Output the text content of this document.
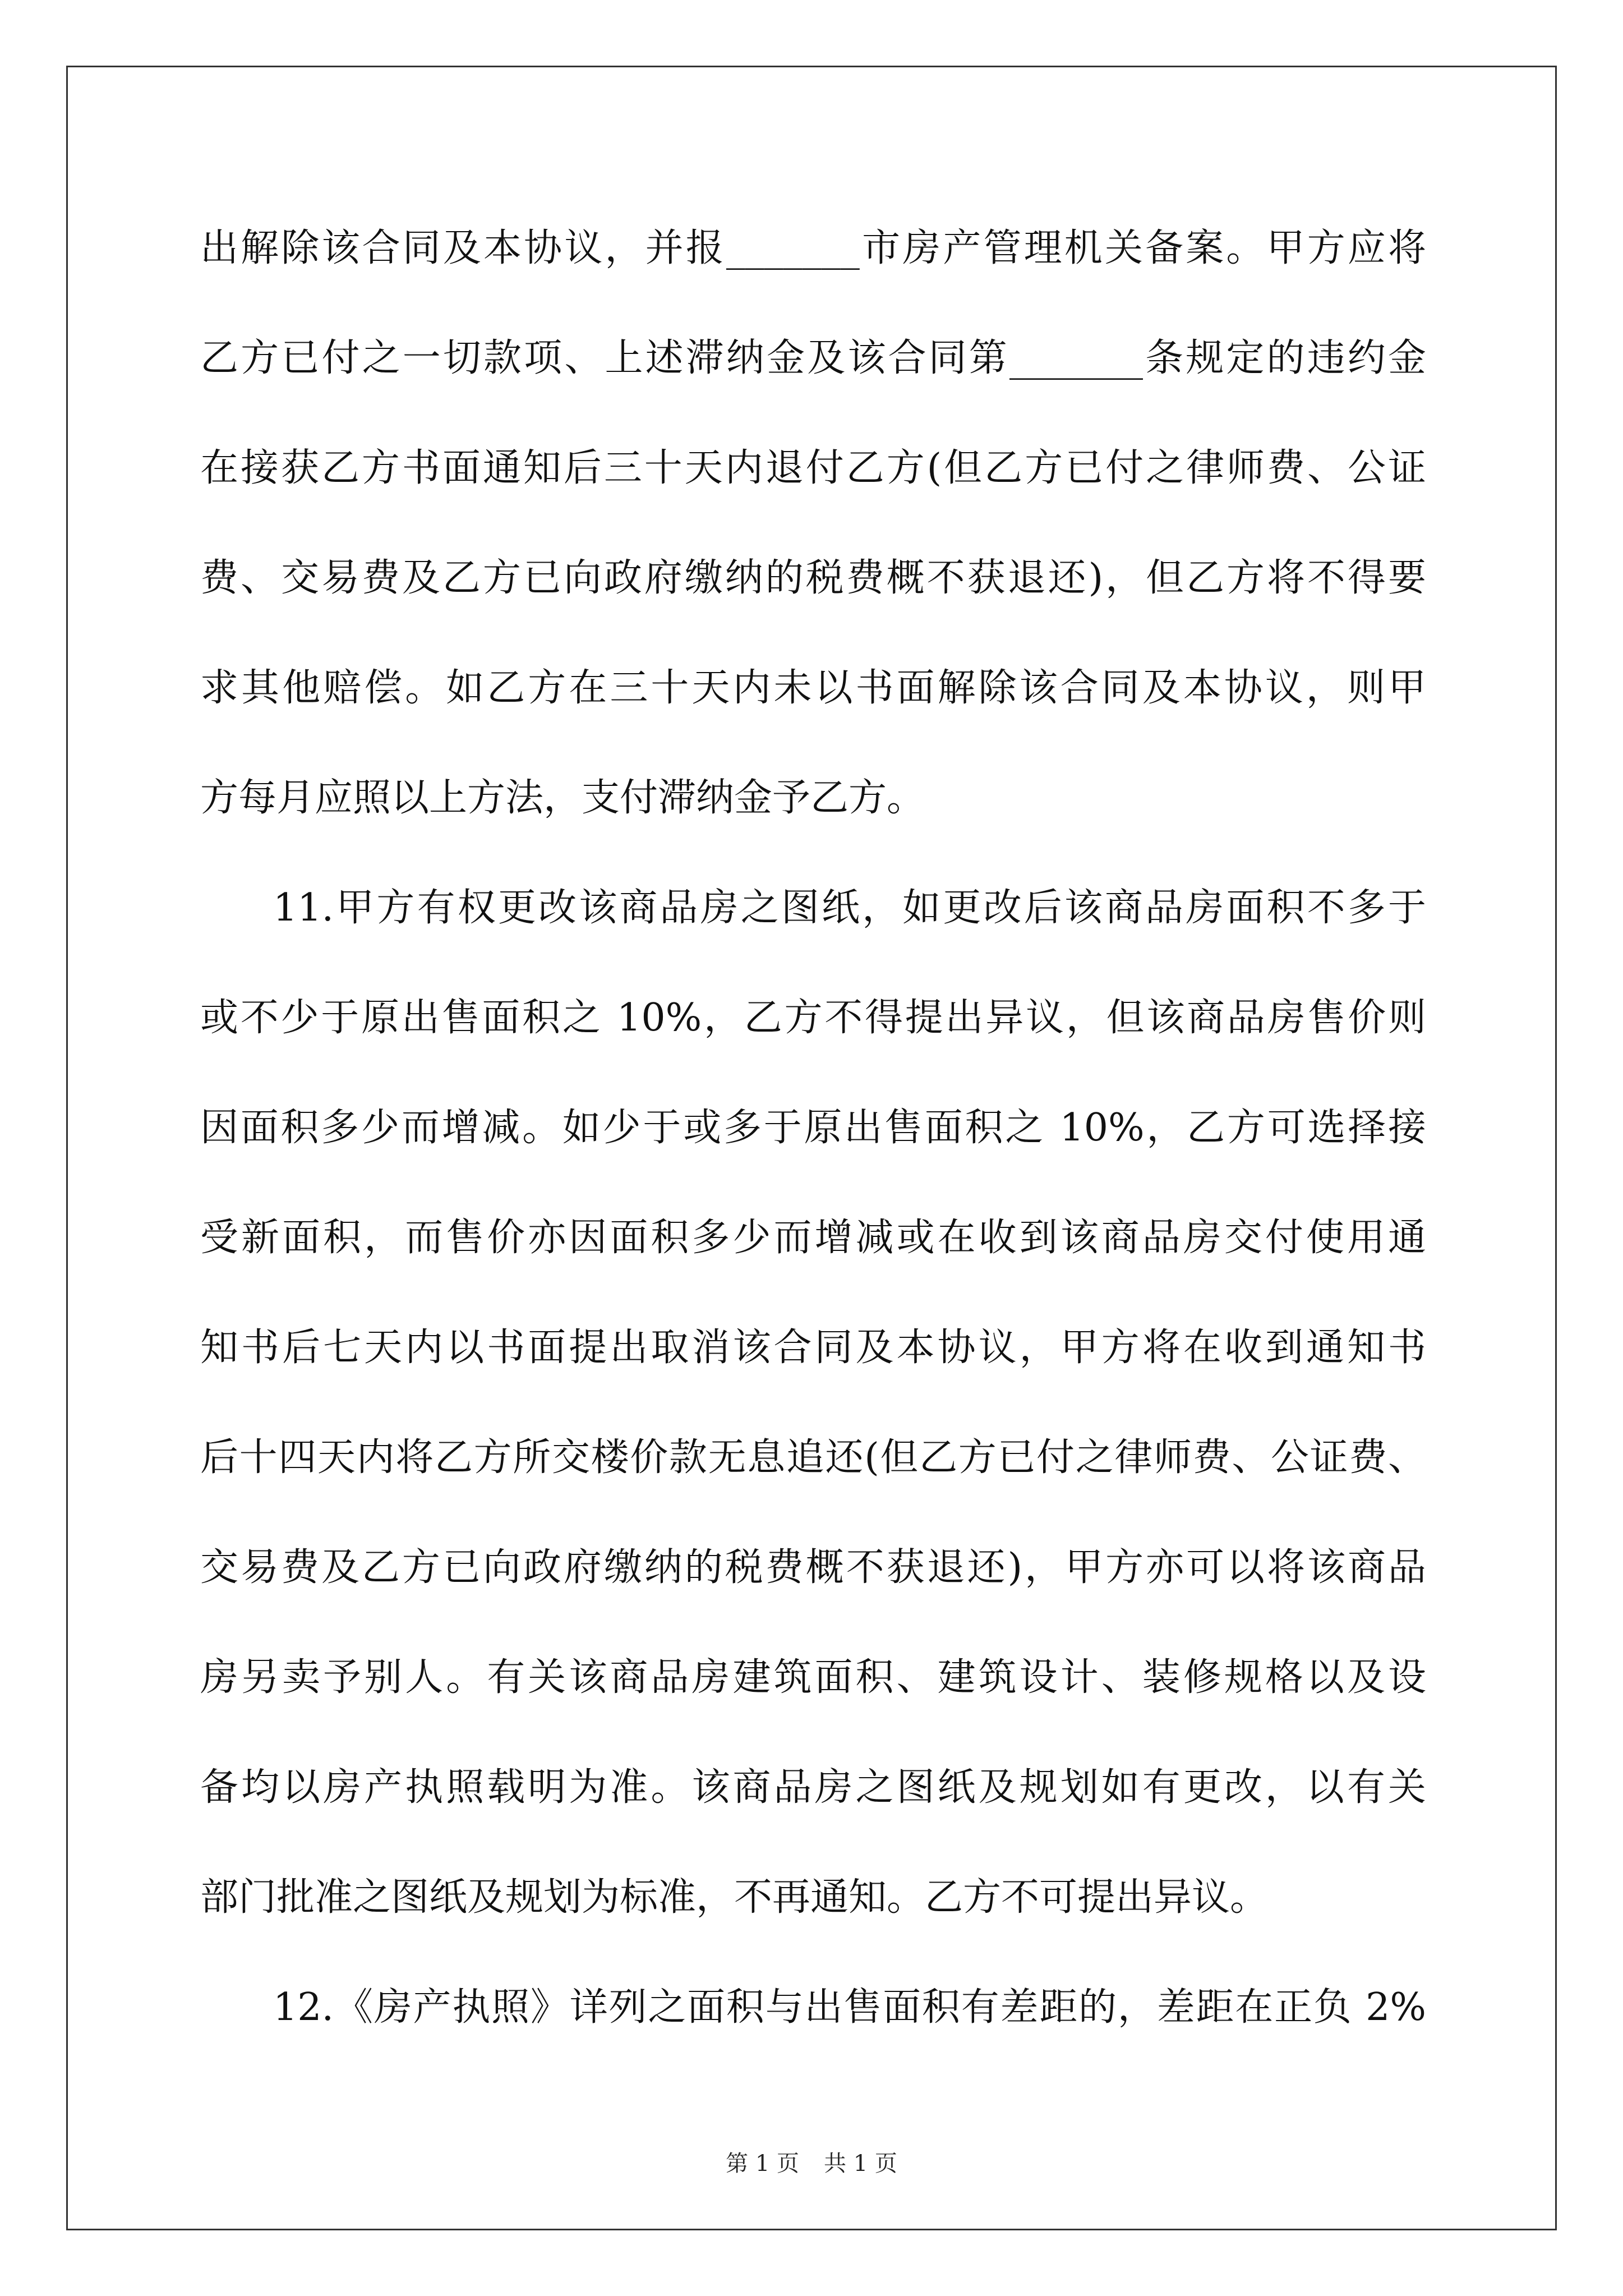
出解除该合同及本协议，并报_______市房产管理机关备案。甲方应将
乙方已付之一切款项、上述滞纳金及该合同第_______条规定的违约金
在接获乙方书面通知后三十天内退付乙方(但乙方已付之律师费、公证
费、交易费及乙方已向政府缴纳的税费概不获退还)，但乙方将不得要
求其他赔偿。如乙方在三十天内未以书面解除该合同及本协议，则甲
方每月应照以上方法，支付滞纳金予乙方。
11.甲方有权更改该商品房之图纸，如更改后该商品房面积不多于
或不少于原出售面积之 10%，乙方不得提出异议，但该商品房售价则
因面积多少而增减。如少于或多于原出售面积之 10%，乙方可选择接
受新面积，而售价亦因面积多少而增减或在收到该商品房交付使用通
知书后七天内以书面提出取消该合同及本协议，甲方将在收到通知书
后十四天内将乙方所交楼价款无息追还(但乙方已付之律师费、公证费、
交易费及乙方已向政府缴纳的税费概不获退还)，甲方亦可以将该商品
房另卖予别人。有关该商品房建筑面积、建筑设计、装修规格以及设
备均以房产执照载明为准。该商品房之图纸及规划如有更改，以有关
部门批准之图纸及规划为标准，不再通知。乙方不可提出异议。
12.《房产执照》详列之面积与出售面积有差距的，差距在正负 2%
第 1 页 共 1 页
